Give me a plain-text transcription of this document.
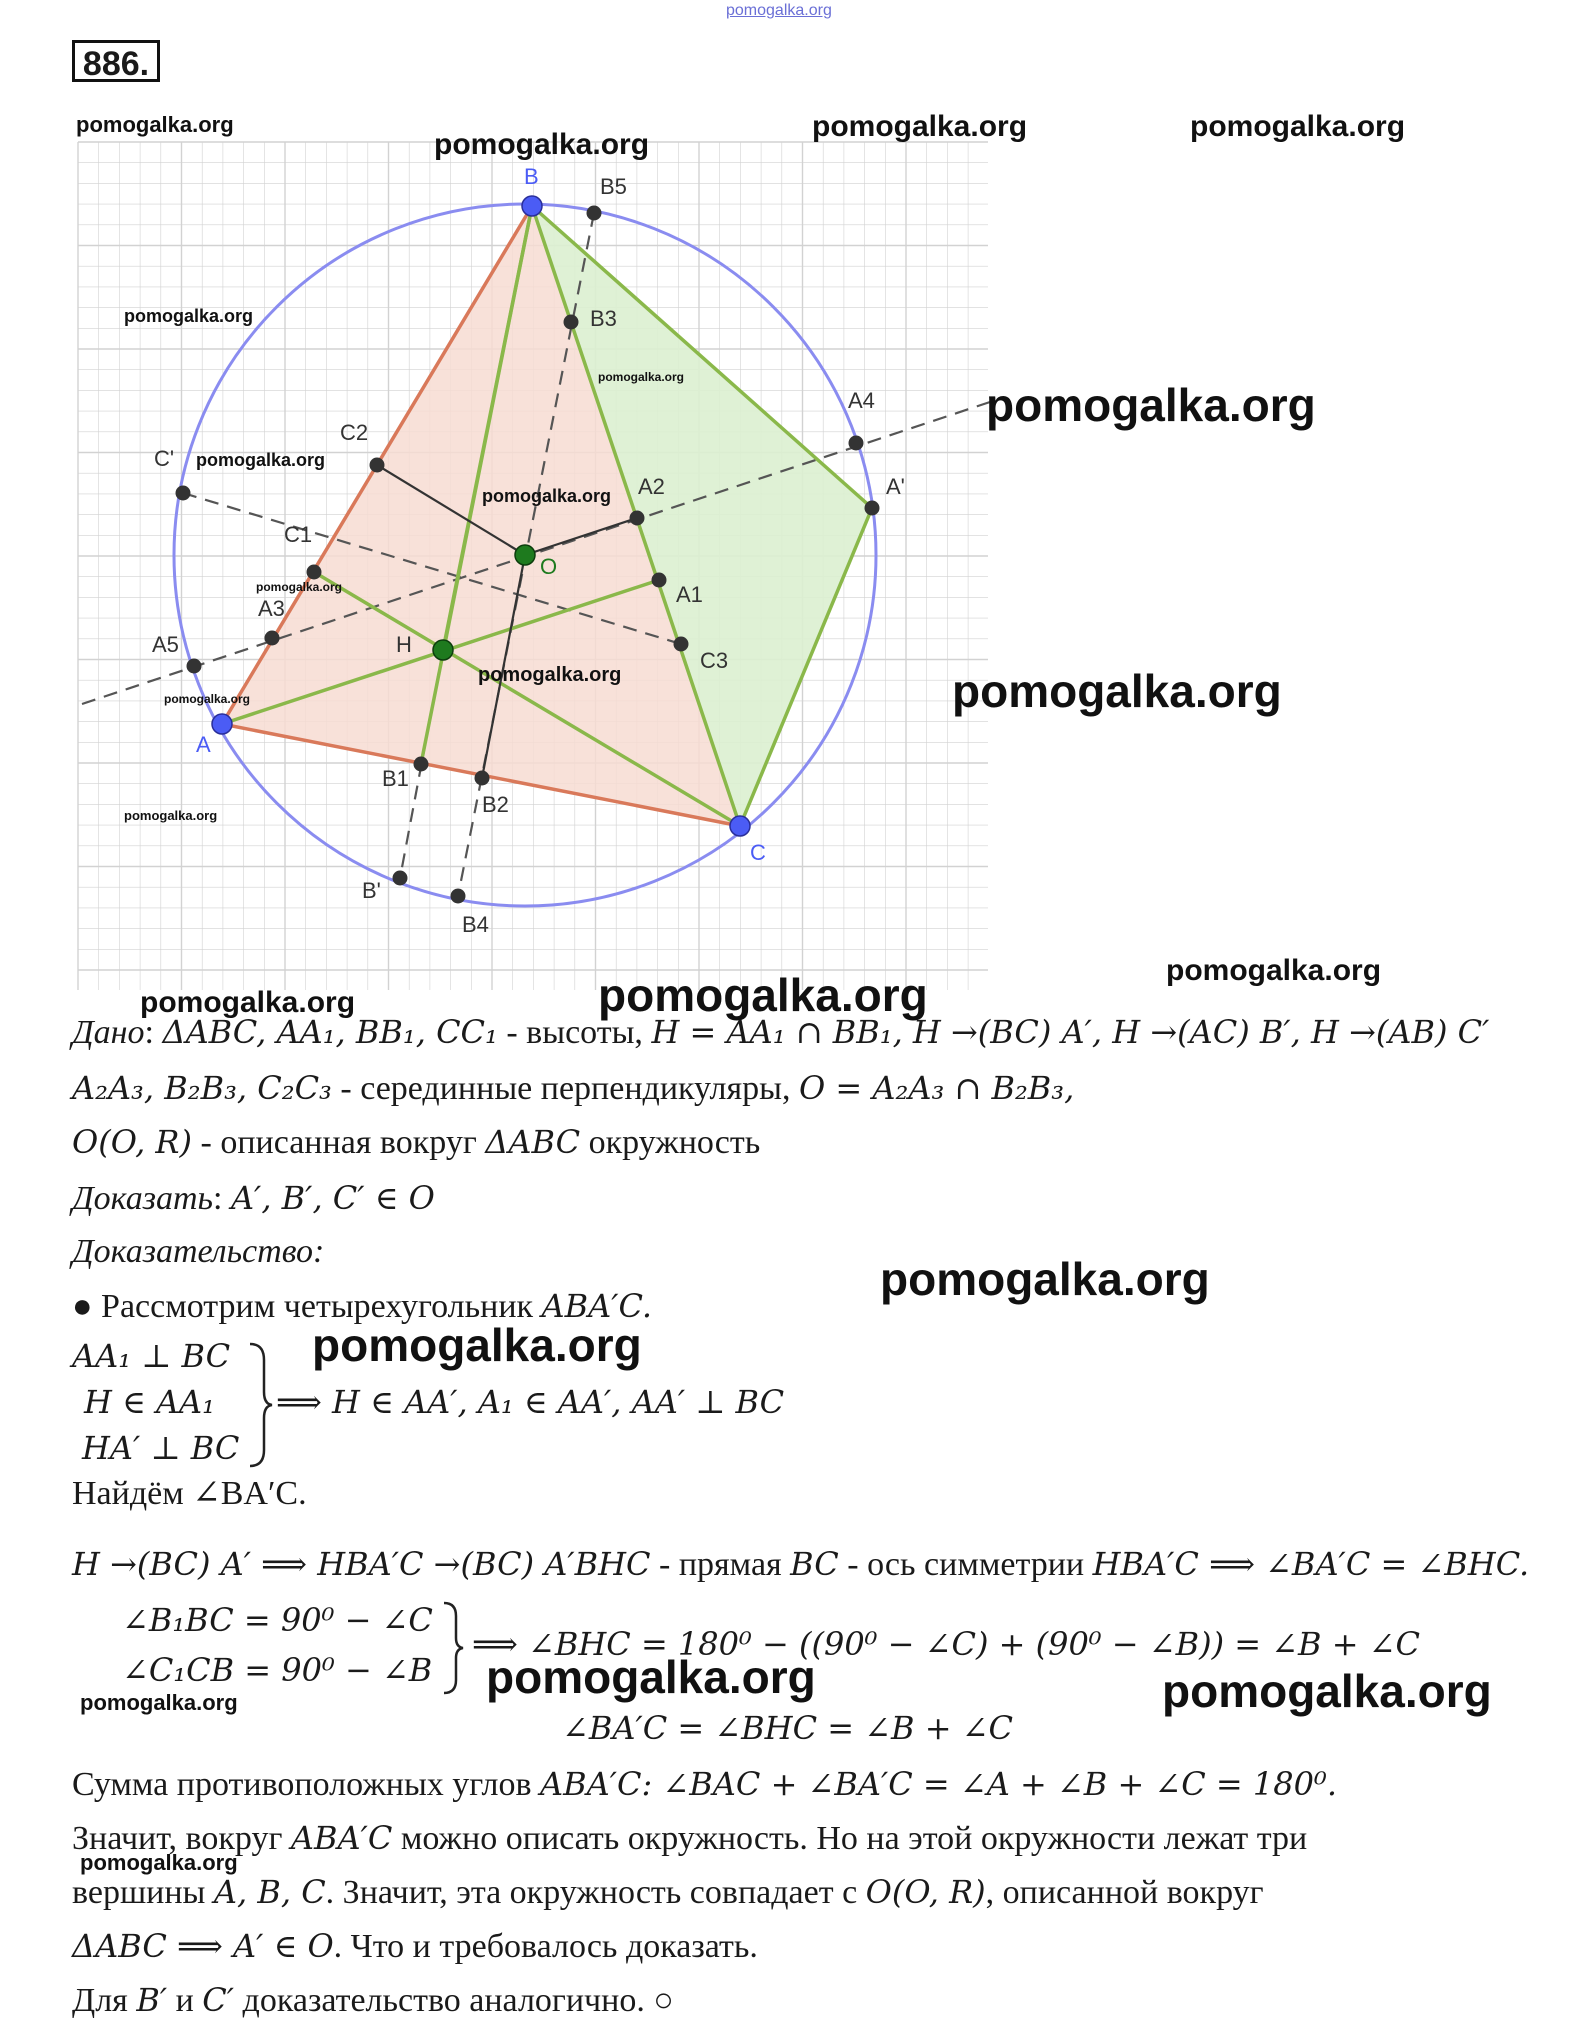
A
B
C
O
H
A1
A2
A3
A4
A5
A'
B1
B2
B3
B4
B5
B'
C1
C2
C3
C'
886.
pomogalka.org
pomogalka.org
pomogalka.org
pomogalka.org	pomogalka.org
pomogalka.org
pomogalka.org
pomogalka.org
pomogalka.org
pomogalka.org
pomogalka.org
pomogalka.org	pomogalka.org
pomogalka.org
pomogalka.org
pomogalka.org
pomogalka.org	pomogalka.org
pomogalka.org
pomogalka.org
pomogalka.org	pomogalka.org
pomogalka.org
pomogalka.org
Дано: ΔABC, AA₁, BB₁, CC₁ - высоты, H = AA₁ ∩ BB₁, H →(BC) A′, H →(AC) B′, H →(AB) C′
A₂A₃, B₂B₃, C₂C₃ - серединные перпендикуляры, O = A₂A₃ ∩ B₂B₃,
O(O, R) - описанная вокруг ΔABC окружность
Доказать: A′, B′, C′ ∈ O
Доказательство:
● Рассмотрим четырехугольник ABA′C.
AA₁ ⊥ BC
H ∈ AA₁
HA′ ⊥ BC
⟹ H ∈ AA′, A₁ ∈ AA′, AA′ ⊥ BC
Найдём ∠BA′C.
H →(BC) A′ ⟹ HBA′C →(BC) A′BHC - прямая BC - ось симметрии HBA′C ⟹ ∠BA′C = ∠BHC.
∠B₁BC = 90⁰ − ∠C
∠C₁CB = 90⁰ − ∠B
⟹ ∠BHC = 180⁰ − ((90⁰ − ∠C) + (90⁰ − ∠B)) = ∠B + ∠C
∠BA′C = ∠BHC = ∠B + ∠C
Сумма противоположных углов ABA′C: ∠BAC + ∠BA′C = ∠A + ∠B + ∠C = 180⁰.
Значит, вокруг ABA′C можно описать окружность. Но на этой окружности лежат три
вершины A, B, C. Значит, эта окружность совпадает с O(O, R), описанной вокруг
ΔABC ⟹ A′ ∈ O. Что и требовалось доказать.
Для B′ и C′ доказательство аналогично. ○
